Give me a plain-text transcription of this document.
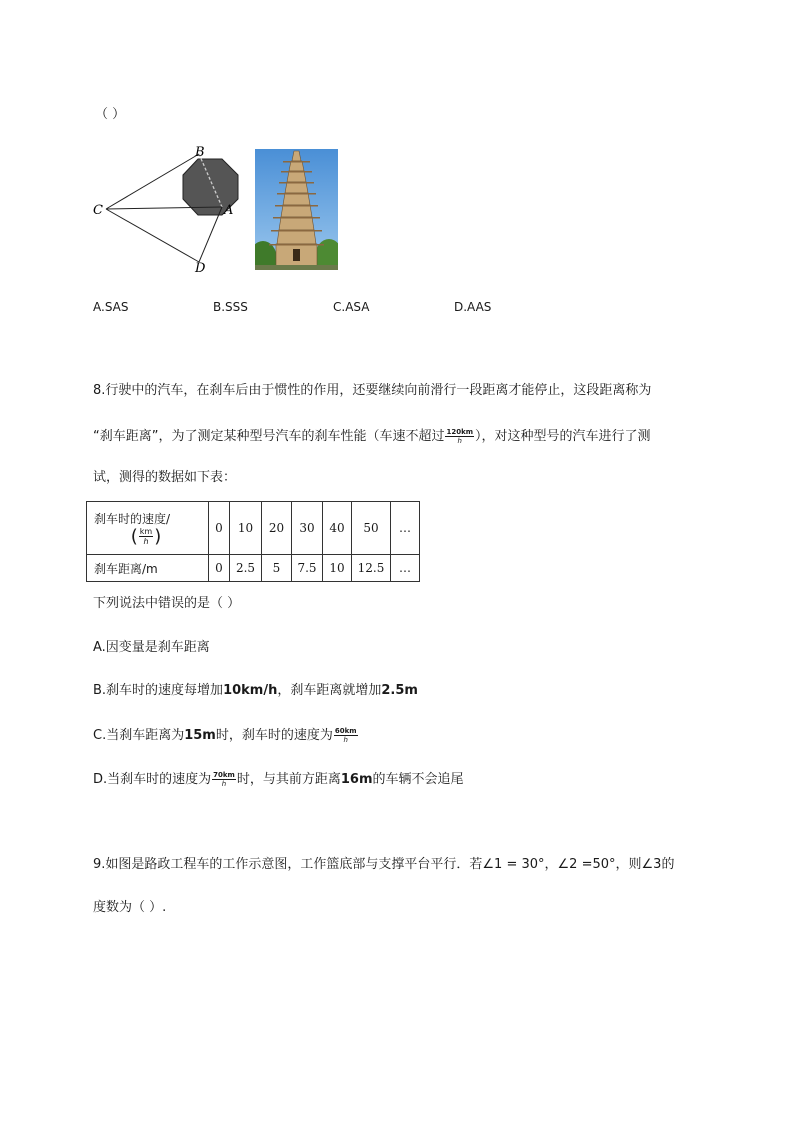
（ ）
B
A
C
D
A.SAS	B.SSS	C.ASA	D.AAS
8.行驶中的汽车，在刹车后由于惯性的作用，还要继续向前滑行一段距离才能停止，这段距离称为
“刹车距离”，为了测定某种型号汽车的刹车性能（车速不超过 $\frac{120km}{h}$ ），对这种型号的汽车进行了测
试，测得的数据如下表：
刹车时的速度/
( $\frac{km}{h}$ )	0	10	20	30	40	50	…
刹车距离/m	0	2.5	5	7.5	10	12.5	…
下列说法中错误的是（ ）
A.因变量是刹车距离
B.刹车时的速度每增加10km/h，刹车距离就增加2.5m
C.当刹车距离为15m时，刹车时的速度为 $\frac{60km}{h}$
D.当刹车时的速度为 $\frac{70km}{h}$ 时，与其前方距离16m的车辆不会追尾
9.如图是路政工程车的工作示意图，工作篮底部与支撑平台平行．若∠1 = 30°，∠2 =50°，则∠3的
度数为（ ）.
